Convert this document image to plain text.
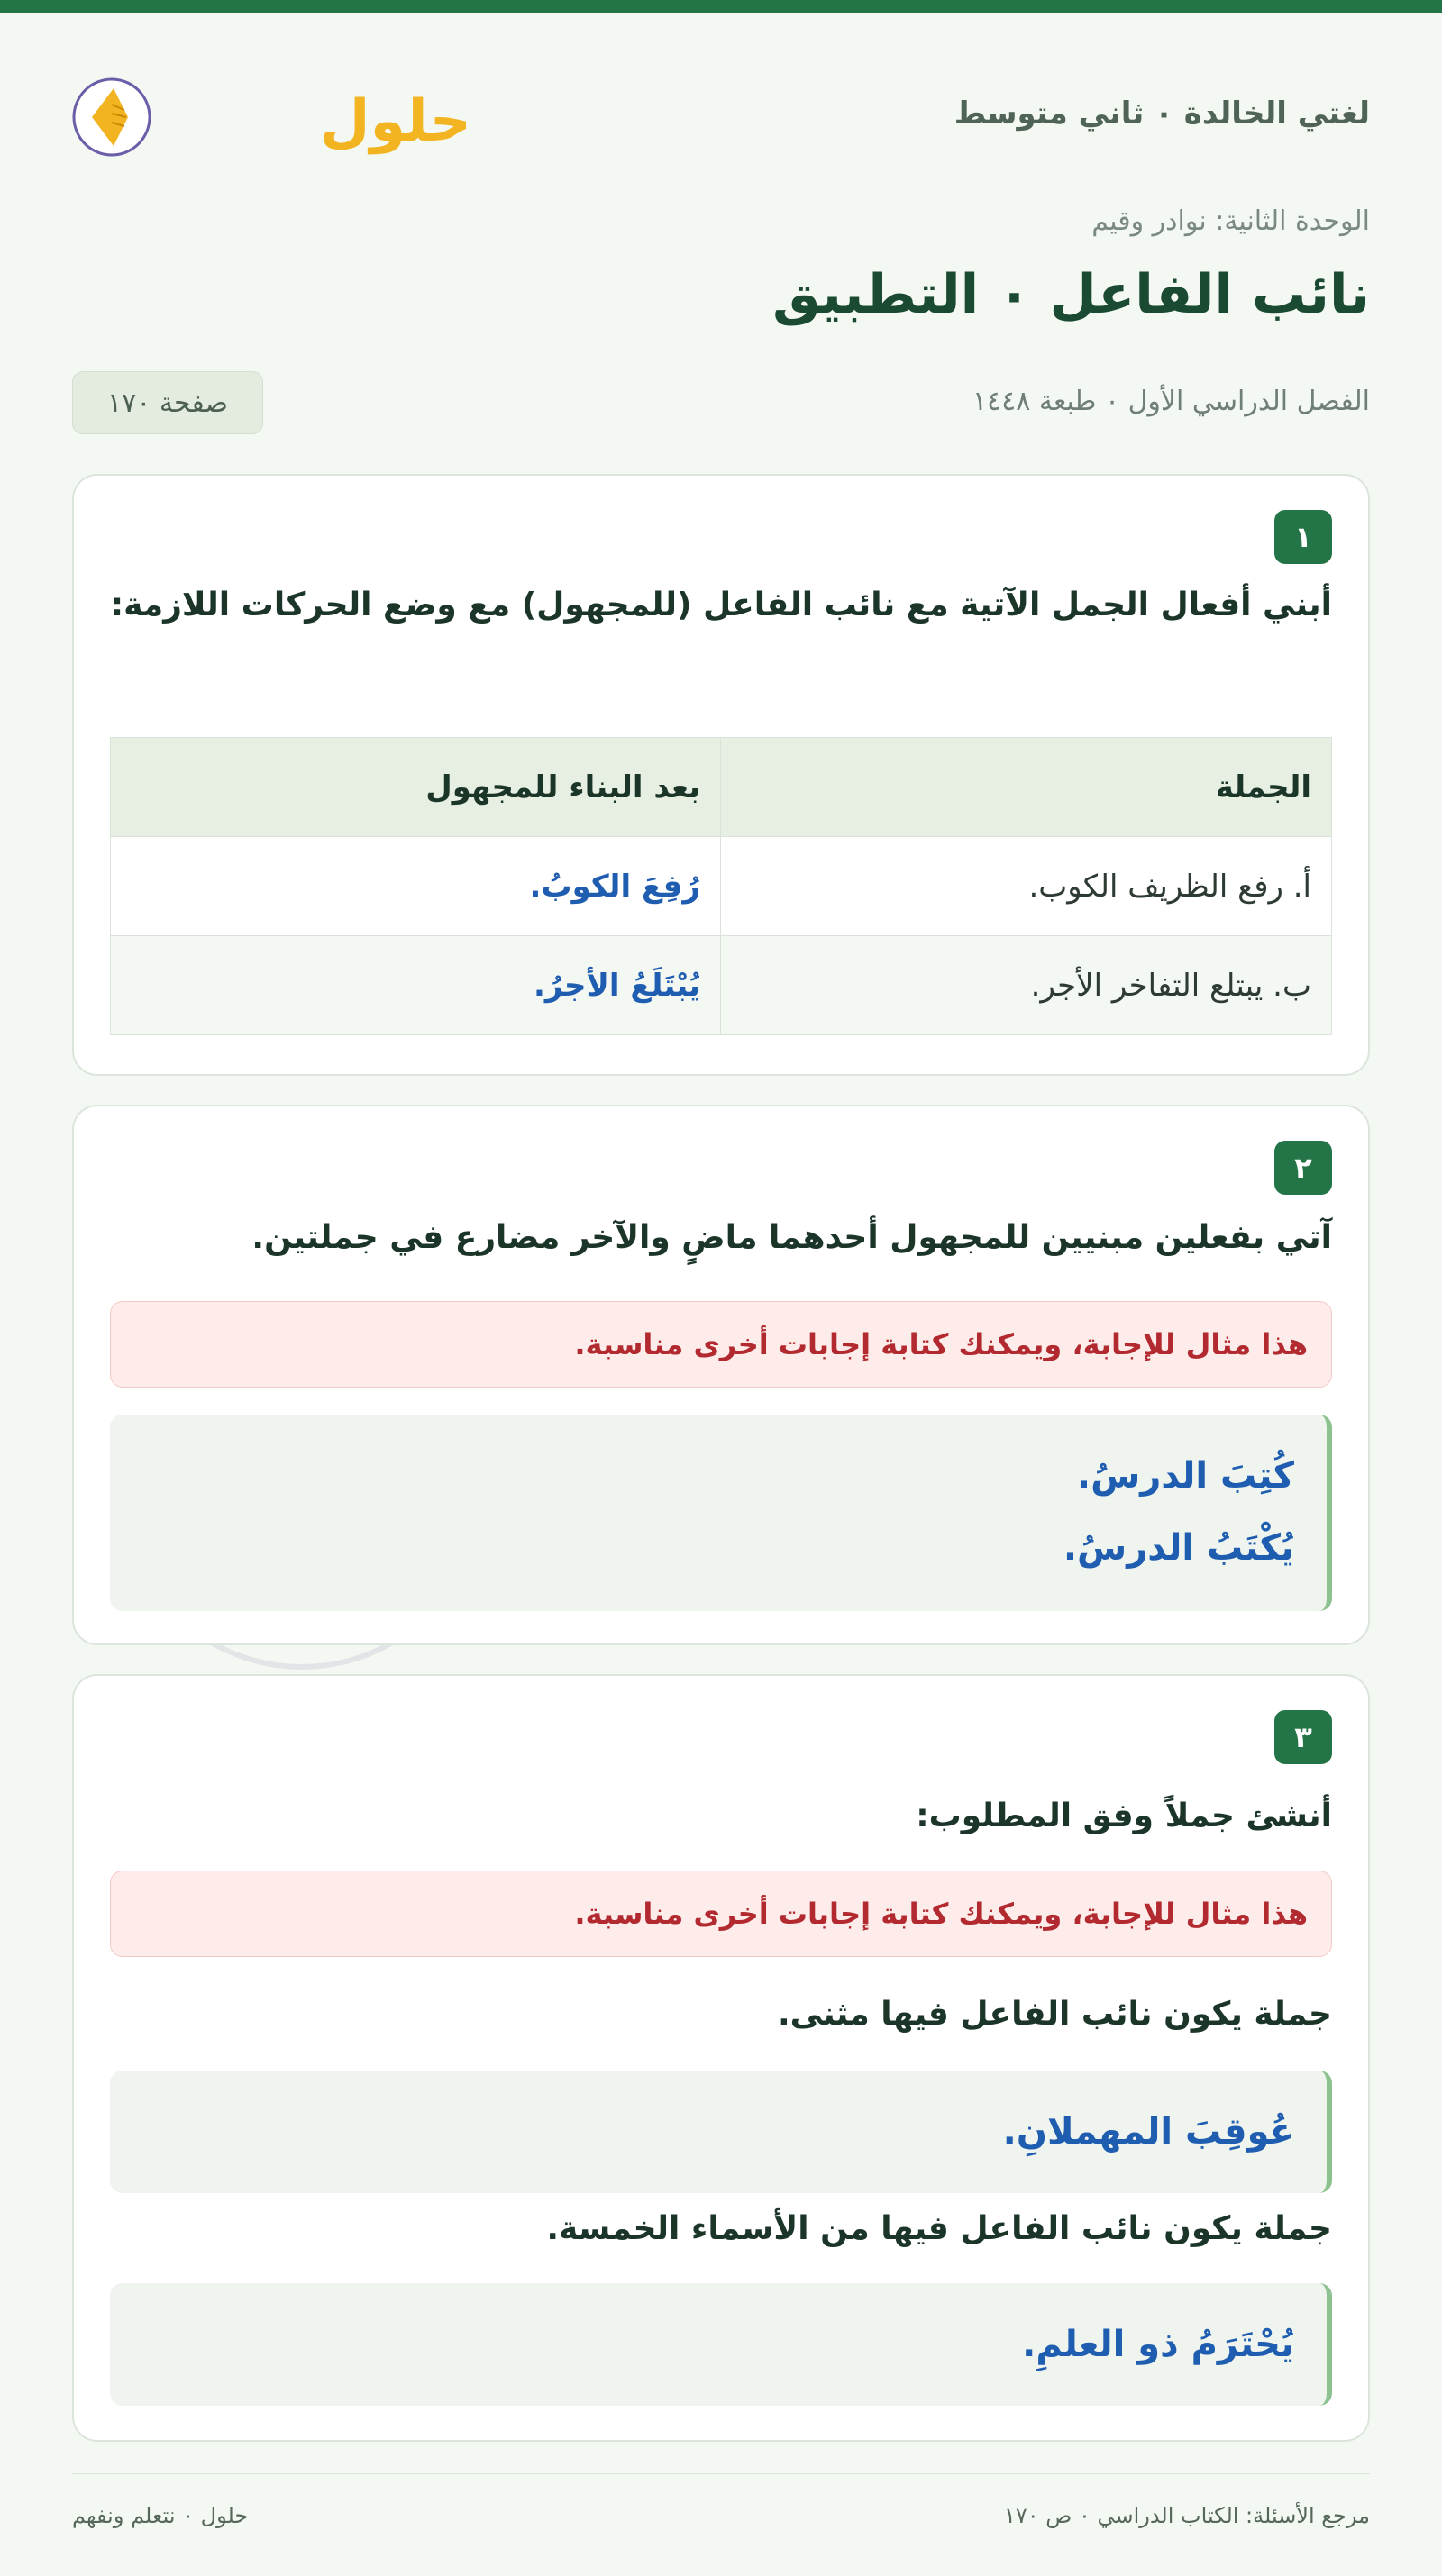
لغتي الخالدة ٠ ثاني متوسط
حلول
الوحدة الثانية: نوادر وقيم
نائب الفاعل ٠ التطبيق
الفصل الدراسي الأول ٠ طبعة ١٤٤٨
صفحة ١٧٠
١
أبني أفعال الجمل الآتية مع نائب الفاعل (للمجهول) مع وضع الحركات اللازمة:
الجملة	بعد البناء للمجهول
أ. رفع الظريف الكوب.	رُفِعَ الكوبُ.
ب. يبتلع التفاخر الأجر.	يُبْتَلَعُ الأجرُ.
٢
آتي بفعلين مبنيين للمجهول أحدهما ماضٍ والآخر مضارع في جملتين.
هذا مثال للإجابة، ويمكنك كتابة إجابات أخرى مناسبة.
كُتِبَ الدرسُ.
يُكْتَبُ الدرسُ.
٣
أنشئ جملاً وفق المطلوب:
هذا مثال للإجابة، ويمكنك كتابة إجابات أخرى مناسبة.
جملة يكون نائب الفاعل فيها مثنى.
عُوقِبَ المهملانِ.
جملة يكون نائب الفاعل فيها من الأسماء الخمسة.
يُحْتَرَمُ ذو العلمِ.
مرجع الأسئلة: الكتاب الدراسي ٠ ص ١٧٠
حلول ٠ نتعلم ونفهم
